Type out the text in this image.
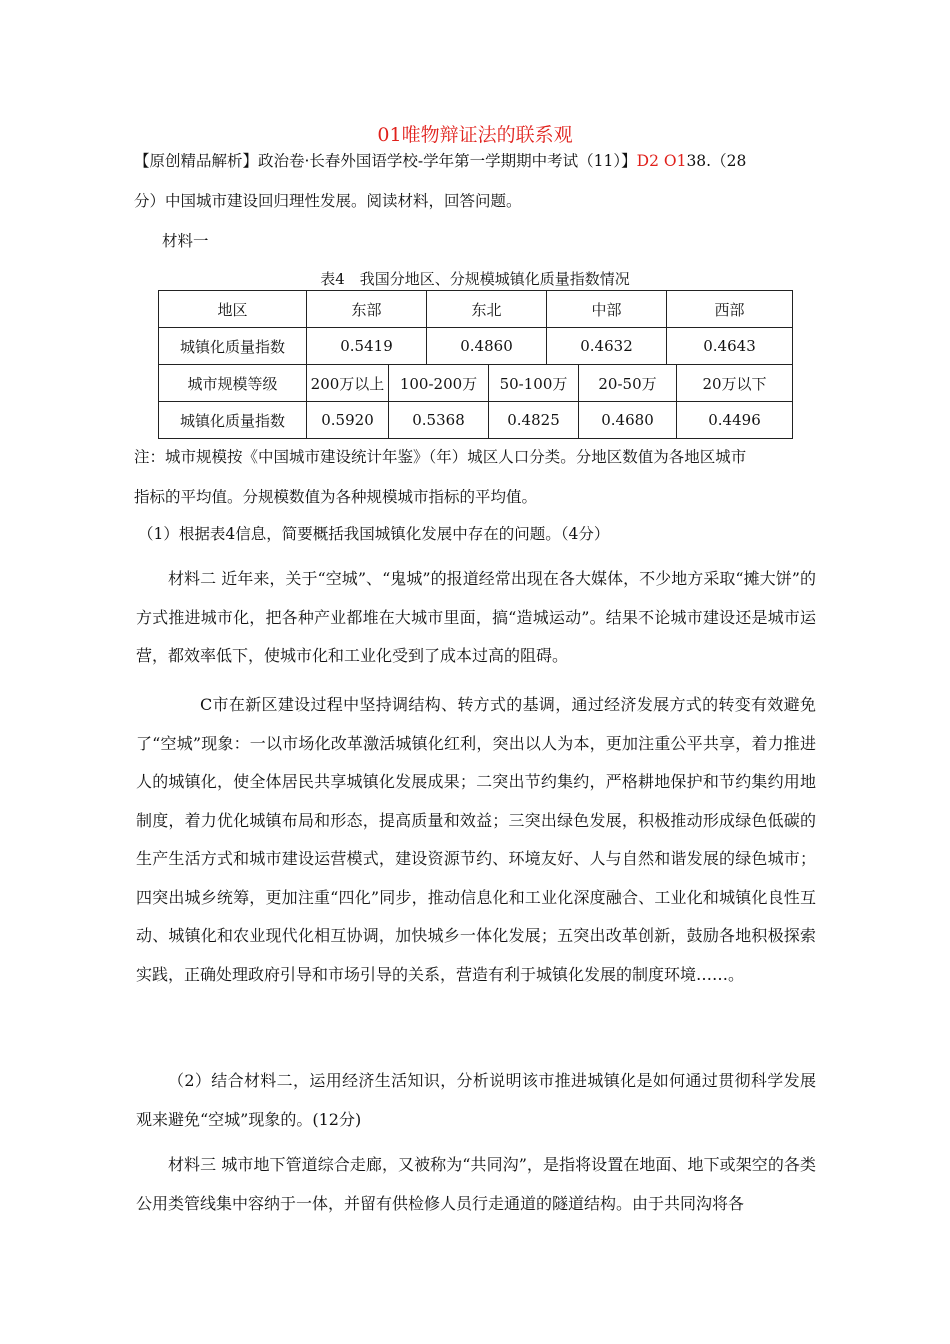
01唯物辩证法的联系观
【原创精品解析】政治卷·长春外国语学校-学年第一学期期中考试（11）】D2 O138.（28
分）中国城市建设回归理性发展。阅读材料，回答问题。
材料一
表4　我国分地区、分规模城镇化质量指数情况
地区	东部	东北	中部	西部
城镇化质量指数	0.5419	0.4860	0.4632	0.4643
城市规模等级	200万以上	100-200万	50-100万	20-50万	20万以下
城镇化质量指数	0.5920	0.5368	0.4825	0.4680	0.4496
注：城市规模按《中国城市建设统计年鉴》（年）城区人口分类。分地区数值为各地区城市
指标的平均值。分规模数值为各种规模城市指标的平均值。
（1）根据表4信息，简要概括我国城镇化发展中存在的问题。（4分）
材料二 近年来，关于“空城”、“鬼城”的报道经常出现在各大媒体，不少地方采取“摊大饼”的方式推进城市化，把各种产业都堆在大城市里面，搞“造城运动”。结果不论城市建设还是城市运营，都效率低下，使城市化和工业化受到了成本过高的阻碍。
C市在新区建设过程中坚持调结构、转方式的基调，通过经济发展方式的转变有效避免了“空城”现象：一以市场化改革激活城镇化红利，突出以人为本，更加注重公平共享，着力推进人的城镇化，使全体居民共享城镇化发展成果；二突出节约集约，严格耕地保护和节约集约用地制度，着力优化城镇布局和形态，提高质量和效益；三突出绿色发展，积极推动形成绿色低碳的生产生活方式和城市建设运营模式，建设资源节约、环境友好、人与自然和谐发展的绿色城市；四突出城乡统筹，更加注重“四化”同步，推动信息化和工业化深度融合、工业化和城镇化良性互动、城镇化和农业现代化相互协调，加快城乡一体化发展；五突出改革创新，鼓励各地积极探索实践，正确处理政府引导和市场引导的关系，营造有利于城镇化发展的制度环境……。
（2）结合材料二，运用经济生活知识，分析说明该市推进城镇化是如何通过贯彻科学发展观来避免“空城”现象的。(12分)
材料三 城市地下管道综合走廊，又被称为“共同沟”，是指将设置在地面、地下或架空的各类公用类管线集中容纳于一体，并留有供检修人员行走通道的隧道结构。由于共同沟将各
